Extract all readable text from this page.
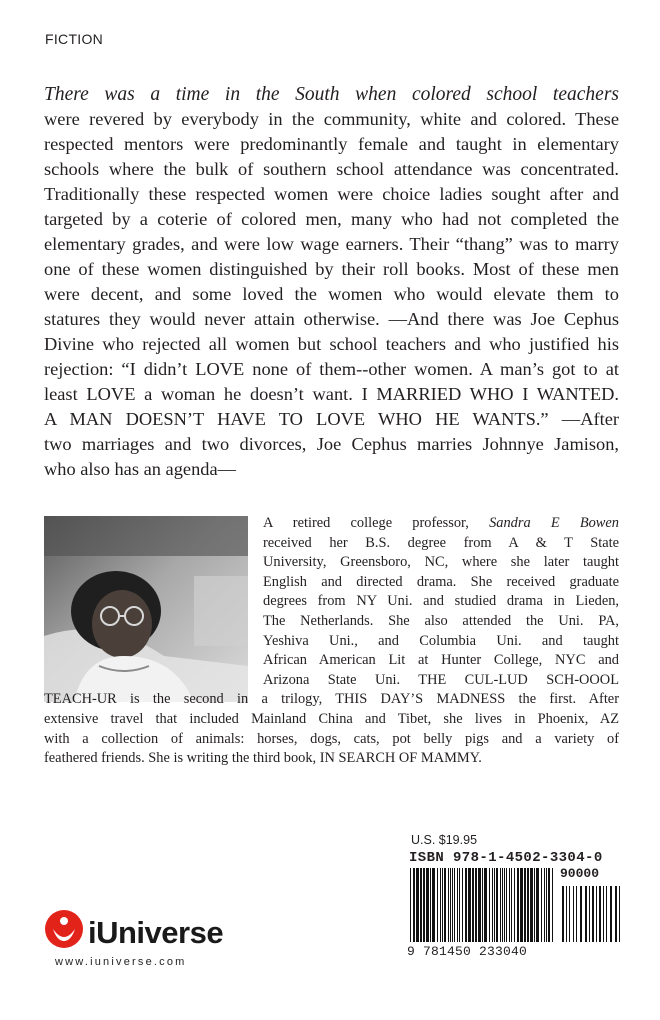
FICTION
There was a time in the South when colored school teachers
were revered by everybody in the community, white and colored. These
respected mentors were predominantly female and taught in elementary
schools where the bulk of southern school attendance was concentrated.
Traditionally these respected women were choice ladies sought after and
targeted by a coterie of colored men, many who had not completed the
elementary grades, and were low wage earners. Their “thang” was to marry
one of these women distinguished by their roll books. Most of these men
were decent, and some loved the women who would elevate them to
statures they would never attain otherwise. —And there was Joe Cephus
Divine who rejected all women but school teachers and who justified his
rejection: “I didn’t LOVE none of them--other women. A man’s got to at
least LOVE a woman he doesn’t want. I MARRIED WHO I WANTED.
A MAN DOESN’T HAVE TO LOVE WHO HE WANTS.” —After
two marriages and two divorces, Joe Cephus marries Johnnye Jamison,
who also has an agenda—
A retired college professor, Sandra E Bowen
received her B.S. degree from A & T State
University, Greensboro, NC, where she later taught
English and directed drama. She received graduate
degrees from NY Uni. and studied drama in Lieden,
The Netherlands. She also attended the Uni. PA,
Yeshiva Uni., and Columbia Uni. and taught
African American Lit at Hunter College, NYC and
Arizona State Uni. THE CUL-LUD SCH-OOOL
TEACH-UR is the second in a trilogy, THIS DAY’S MADNESS the first. After
extensive travel that included Mainland China and Tibet, she lives in Phoenix, AZ
with a collection of animals: horses, dogs, cats, pot belly pigs and a variety of
feathered friends. She is writing the third book, IN SEARCH OF MAMMY.
U.S. $19.95
ISBN 978-1-4502-3304-0
90000
9 781450 233040
iUniverse
www.iuniverse.com
